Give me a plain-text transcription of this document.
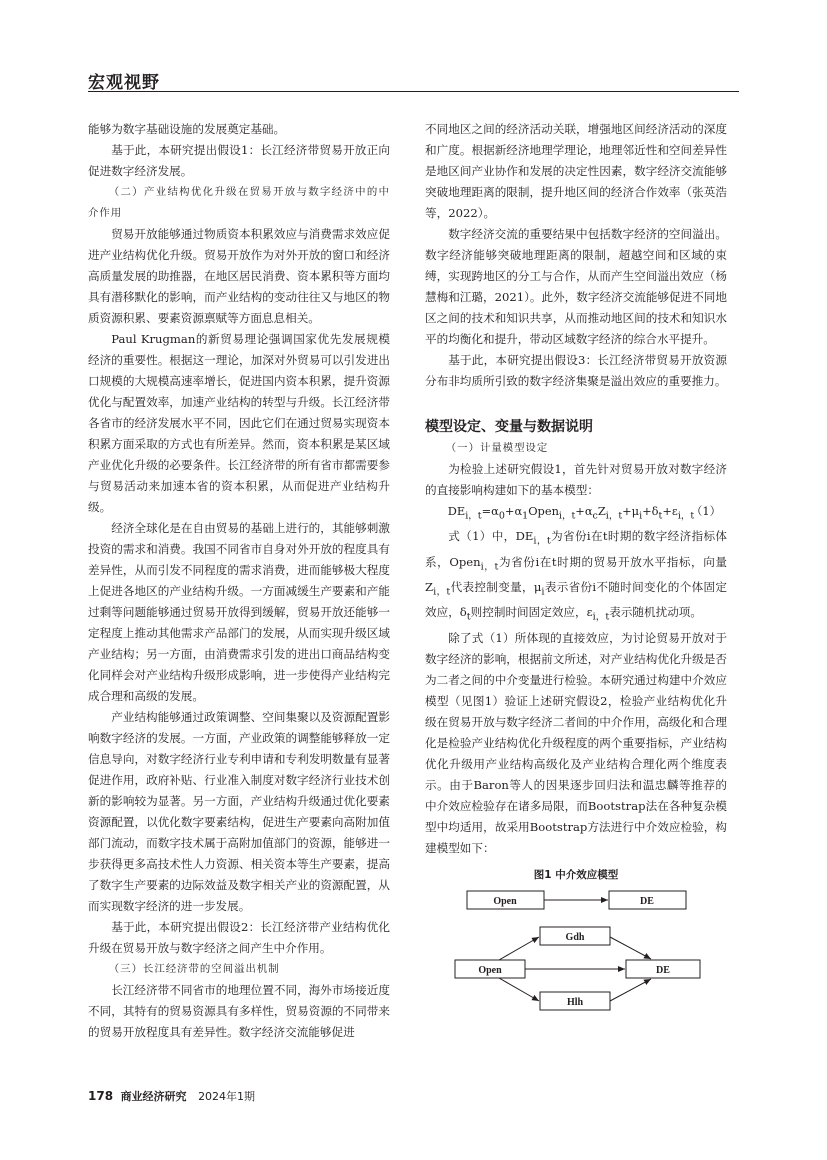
宏观视野

能够为数字基础设施的发展奠定基础。

基于此，本研究提出假设1：长江经济带贸易开放正向促进数字经济发展。

（二）产业结构优化升级在贸易开放与数字经济中的中介作用

贸易开放能够通过物质资本积累效应与消费需求效应促进产业结构优化升级。贸易开放作为对外开放的窗口和经济高质量发展的助推器，在地区居民消费、资本累积等方面均具有潜移默化的影响，而产业结构的变动往往又与地区的物质资源积累、要素资源禀赋等方面息息相关。

Paul Krugman的新贸易理论强调国家优先发展规模经济的重要性。根据这一理论，加深对外贸易可以引发进出口规模的大规模高速率增长，促进国内资本积累，提升资源优化与配置效率，加速产业结构的转型与升级。长江经济带各省市的经济发展水平不同，因此它们在通过贸易实现资本积累方面采取的方式也有所差异。然而，资本积累是某区域产业优化升级的必要条件。长江经济带的所有省市都需要参与贸易活动来加速本省的资本积累，从而促进产业结构升级。

经济全球化是在自由贸易的基础上进行的，其能够刺激投资的需求和消费。我国不同省市自身对外开放的程度具有差异性，从而引发不同程度的需求消费，进而能够极大程度上促进各地区的产业结构升级。一方面减缓生产要素和产能过剩等问题能够通过贸易开放得到缓解，贸易开放还能够一定程度上推动其他需求产品部门的发展，从而实现升级区域产业结构；另一方面，由消费需求引发的进出口商品结构变化同样会对产业结构升级形成影响，进一步使得产业结构完成合理和高级的发展。

产业结构能够通过政策调整、空间集聚以及资源配置影响数字经济的发展。一方面，产业政策的调整能够释放一定信息导向，对数字经济行业专利申请和专利发明数量有显著促进作用，政府补贴、行业准入制度对数字经济行业技术创新的影响较为显著。另一方面，产业结构升级通过优化要素资源配置，以优化数字要素结构，促进生产要素向高附加值部门流动，而数字技术属于高附加值部门的资源，能够进一步获得更多高技术性人力资源、相关资本等生产要素，提高了数字生产要素的边际效益及数字相关产业的资源配置，从而实现数字经济的进一步发展。

基于此，本研究提出假设2：长江经济带产业结构优化升级在贸易开放与数字经济之间产生中介作用。

（三）长江经济带的空间溢出机制

长江经济带不同省市的地理位置不同，海外市场接近度不同，其特有的贸易资源具有多样性，贸易资源的不同带来的贸易开放程度具有差异性。数字经济交流能够促进

不同地区之间的经济活动关联，增强地区间经济活动的深度和广度。根据新经济地理学理论，地理邻近性和空间差异性是地区间产业协作和发展的决定性因素，数字经济交流能够突破地理距离的限制，提升地区间的经济合作效率（张英浩等，2022）。

数字经济交流的重要结果中包括数字经济的空间溢出。数字经济能够突破地理距离的限制，超越空间和区域的束缚，实现跨地区的分工与合作，从而产生空间溢出效应（杨慧梅和江璐，2021）。此外，数字经济交流能够促进不同地区之间的技术和知识共享，从而推动地区间的技术和知识水平的均衡化和提升，带动区域数字经济的综合水平提升。

基于此，本研究提出假设3：长江经济带贸易开放资源分布非均质所引致的数字经济集聚是溢出效应的重要推力。

模型设定、变量与数据说明

（一）计量模型设定

为检验上述研究假设1，首先针对贸易开放对数字经济的直接影响构建如下的基本模型：

$DE_{i,t}=\alpha_0+\alpha_1Open_{i,t}+\alpha_cZ_{i,t}+\mu_i+\delta_t+\varepsilon_{i,t}$
（1）

式（1）中，$DE_{i,t}$为省份i在t时期的数字经济指标体系，Open$_{i,t}$为省份i在t时期的贸易开放水平指标，向量$Z_{i,t}$代表控制变量，$\mu_i$表示省份i不随时间变化的个体固定效应，$\delta_t$则控制时间固定效应，$\varepsilon_{i,t}$表示随机扰动项。

除了式（1）所体现的直接效应，为讨论贸易开放对于数字经济的影响，根据前文所述，对产业结构优化升级是否为二者之间的中介变量进行检验。本研究通过构建中介效应模型（见图1）验证上述研究假设2，检验产业结构优化升级在贸易开放与数字经济二者间的中介作用，高级化和合理化是检验产业结构优化升级程度的两个重要指标，产业结构优化升级用产业结构高级化及产业结构合理化两个维度表示。由于Baron等人的因果逐步回归法和温忠麟等推荐的中介效应检验存在诸多局限，而Bootstrap法在各种复杂模型中均适用，故采用Bootstrap方法进行中介效应检验，构建模型如下：

图1 中介效应模型
Open	DE
Gdh
Open	DE
Hlh
178 商业经济研究 2024年1期
